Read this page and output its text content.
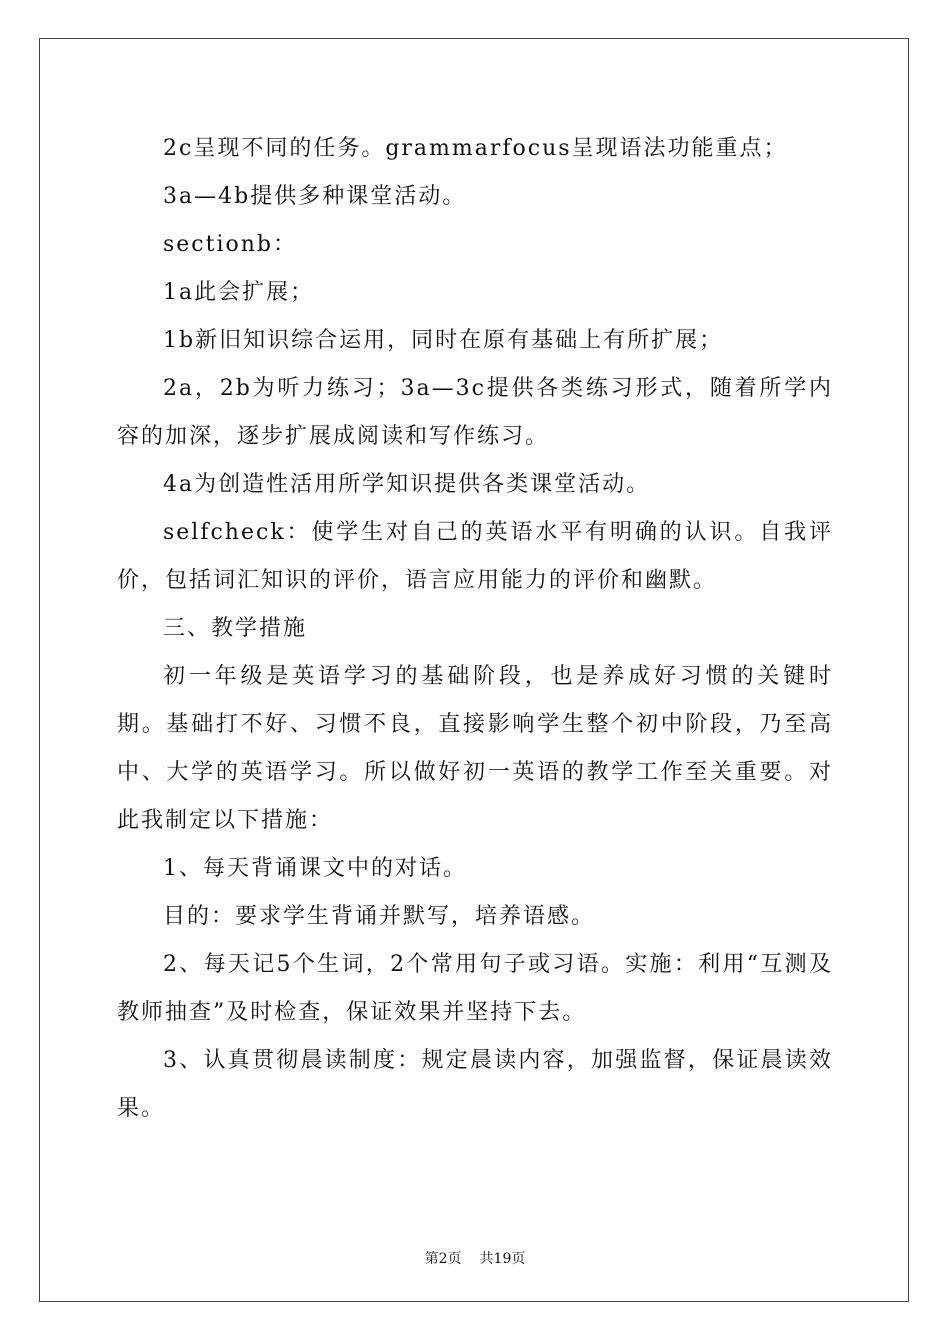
2c呈现不同的任务。grammarfocus呈现语法功能重点；

3a—4b提供多种课堂活动。

sectionb：

1a此会扩展；

1b新旧知识综合运用，同时在原有基础上有所扩展；

2a，2b为听力练习；3a—3c提供各类练习形式，随着所学内容的加深，逐步扩展成阅读和写作练习。

4a为创造性活用所学知识提供各类课堂活动。

selfcheck：使学生对自己的英语水平有明确的认识。自我评价，包括词汇知识的评价，语言应用能力的评价和幽默。

三、教学措施

初一年级是英语学习的基础阶段，也是养成好习惯的关键时期。基础打不好、习惯不良，直接影响学生整个初中阶段，乃至高中、大学的英语学习。所以做好初一英语的教学工作至关重要。对此我制定以下措施：

1、每天背诵课文中的对话。

目的：要求学生背诵并默写，培养语感。

2、每天记5个生词，2个常用句子或习语。实施：利用“互测及教师抽查”及时检查，保证效果并坚持下去。

3、认真贯彻晨读制度：规定晨读内容，加强监督，保证晨读效果。

第2页 共19页
